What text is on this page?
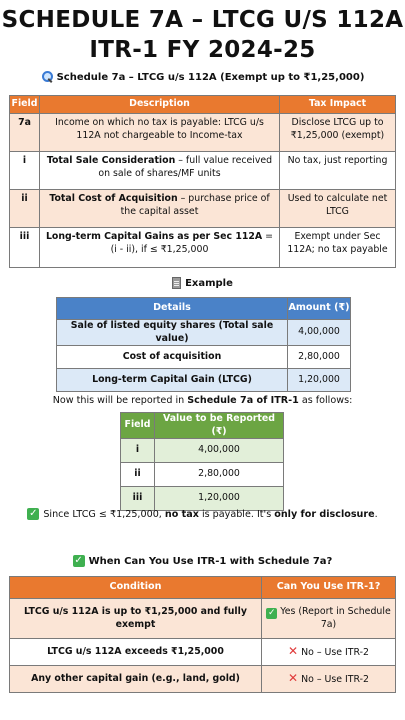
SCHEDULE 7A – LTCG U/S 112A
ITR-1 FY 2024-25
Schedule 7a – LTCG u/s 112A (Exempt up to ₹1,25,000)
Field	Description	Tax Impact
7a	Income on which no tax is payable: LTCG u/s 112A not chargeable to Income-tax	Disclose LTCG up to ₹1,25,000 (exempt)
i	Total Sale Consideration – full value received on sale of shares/MF units	No tax, just reporting
ii	Total Cost of Acquisition – purchase price of the capital asset	Used to calculate net LTCG
iii	Long-term Capital Gains as per Sec 112A = (i - ii), if ≤ ₹1,25,000	Exempt under Sec 112A; no tax payable
Example
Details	Amount (₹)
Sale of listed equity shares (Total sale value)	4,00,000
Cost of acquisition	2,80,000
Long-term Capital Gain (LTCG)	1,20,000
Now this will be reported in Schedule 7a of ITR-1 as follows:
Field	Value to be Reported (₹)
i	4,00,000
ii	2,80,000
iii	1,20,000
✓ Since LTCG ≤ ₹1,25,000, no tax is payable. It's only for disclosure.
✓ When Can You Use ITR-1 with Schedule 7a?
Condition	Can You Use ITR-1?
LTCG u/s 112A is up to ₹1,25,000 and fully exempt	✓ Yes (Report in Schedule 7a)
LTCG u/s 112A exceeds ₹1,25,000	✕ No – Use ITR-2
Any other capital gain (e.g., land, gold)	✕ No – Use ITR-2
